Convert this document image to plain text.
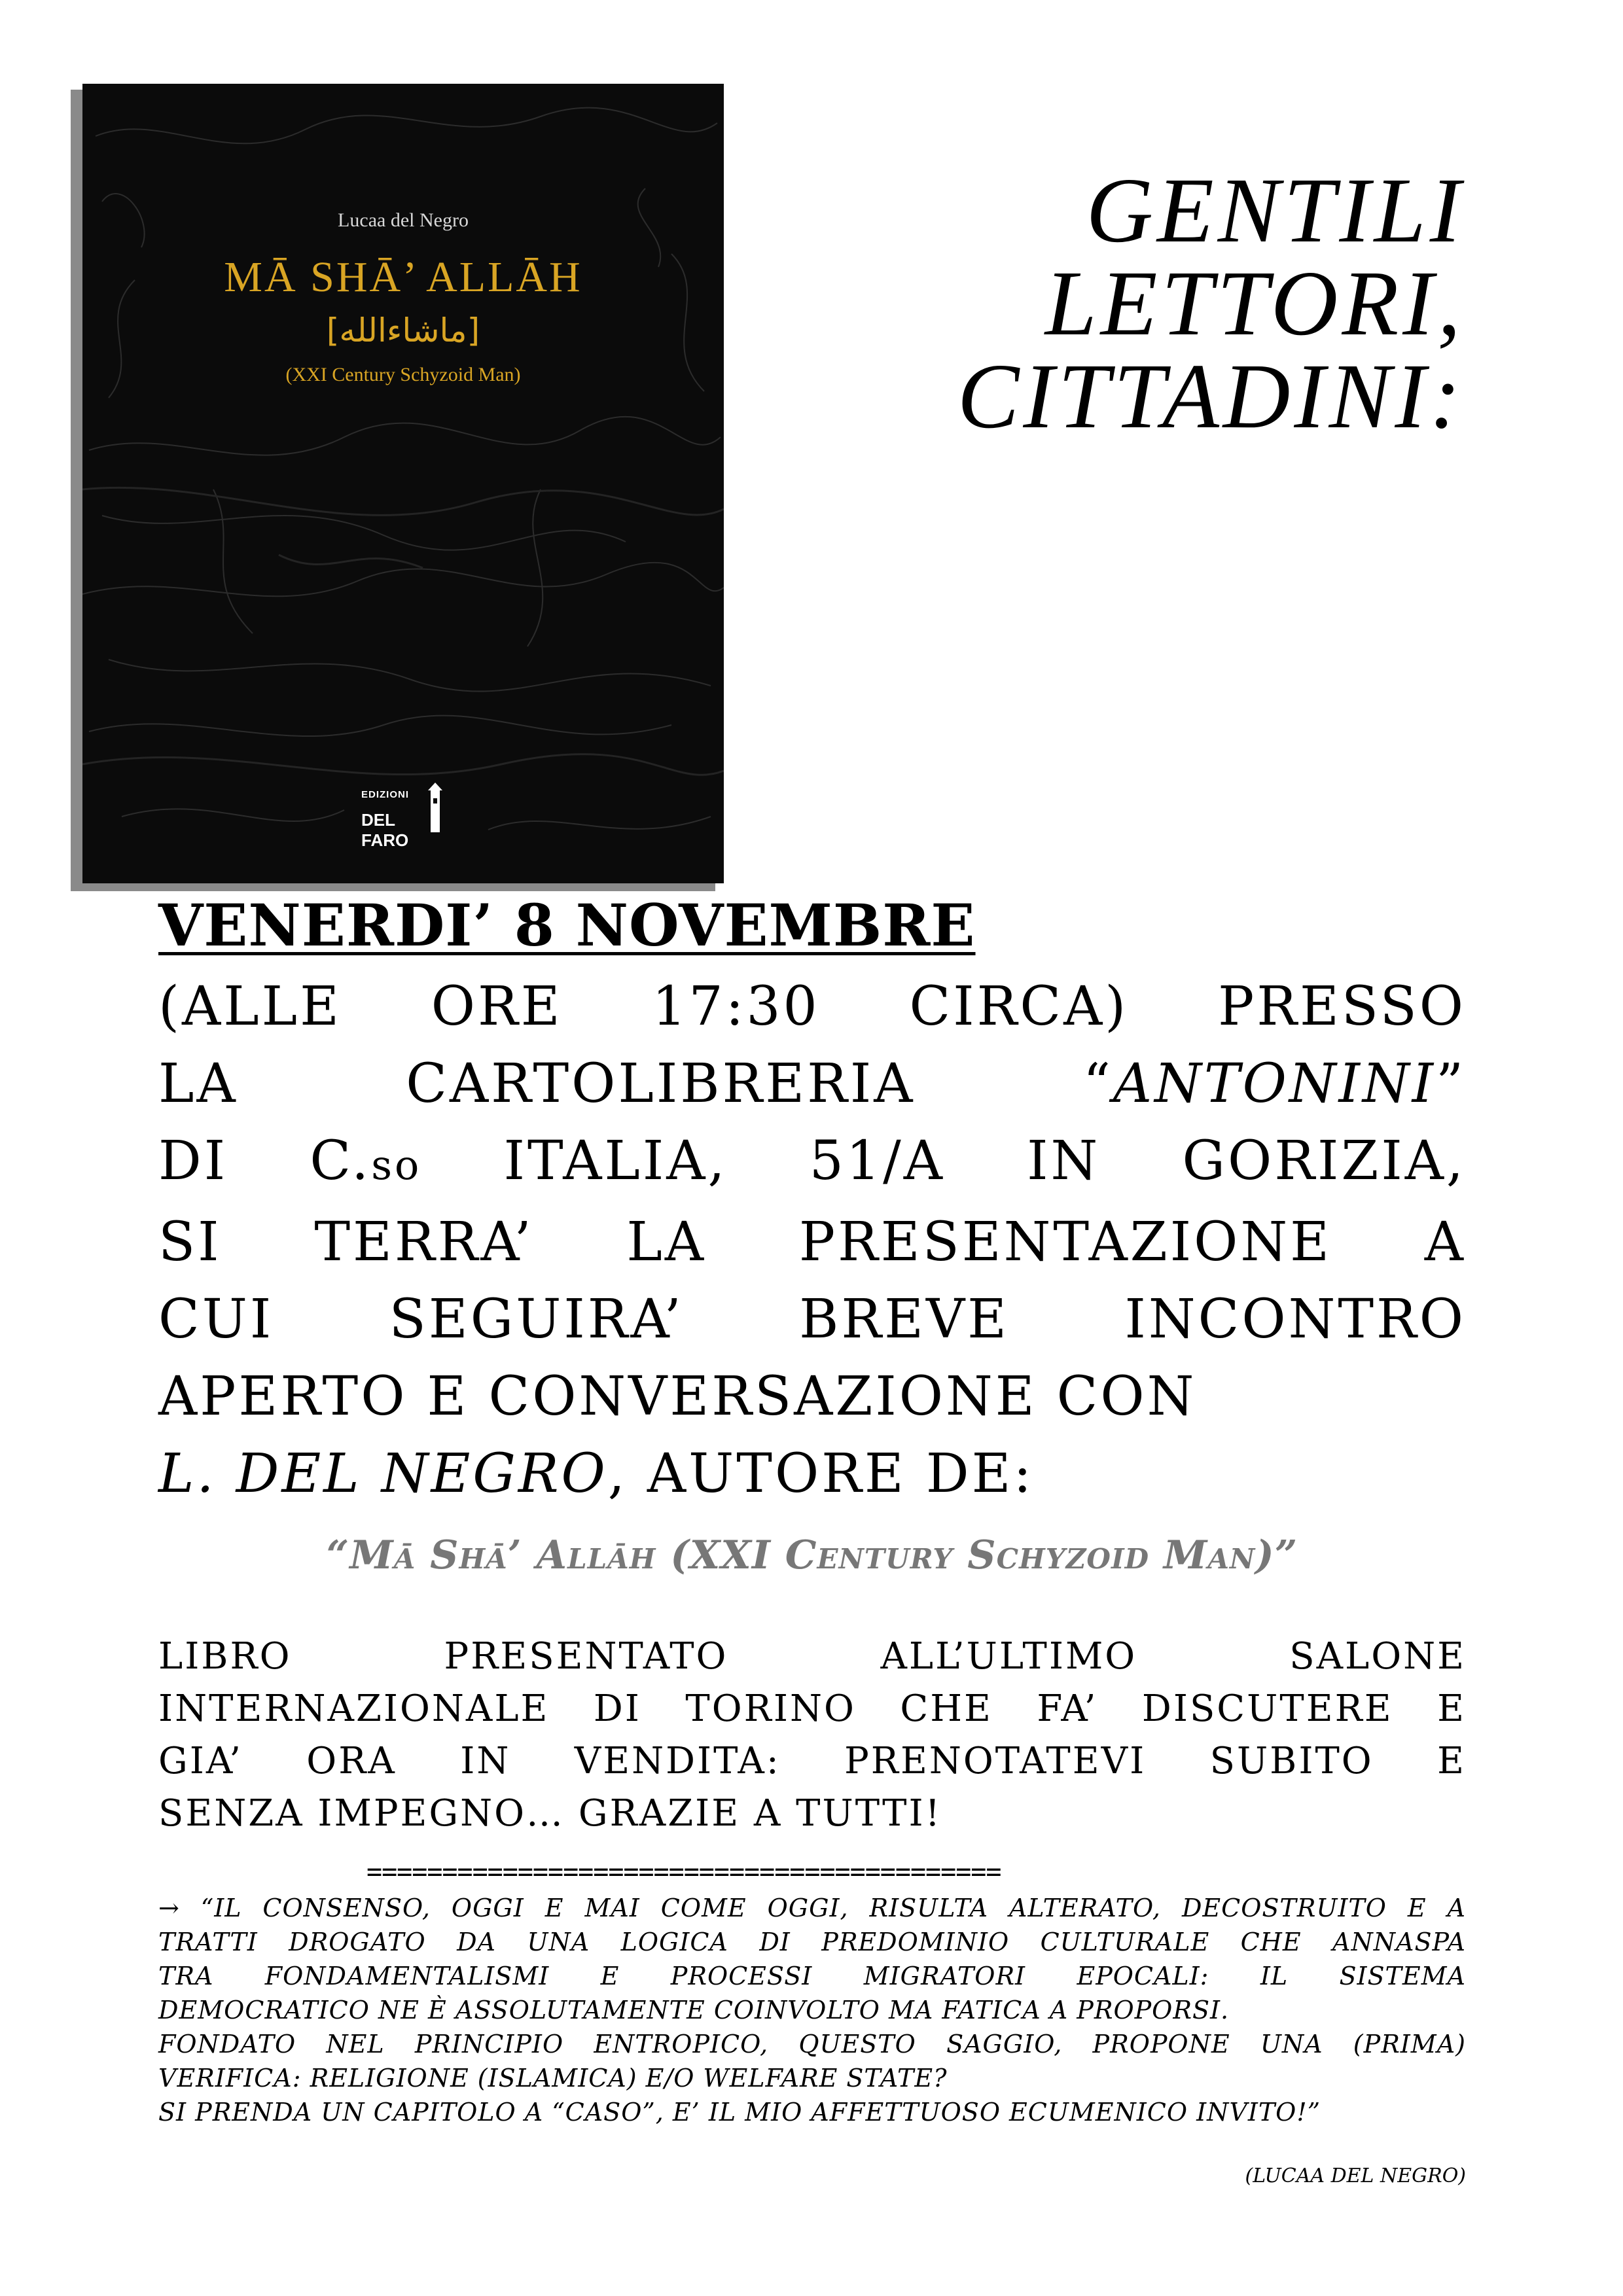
Lucaa del Negro
MĀ SHĀ’ ALLĀH
[ماشاءالله]
(XXI Century Schyzoid Man)
EDIZIONI
DEL FARO
GENTILI
LETTORI,
CITTADINI:
VENERDI’ 8 NOVEMBRE
(ALLE ORE 17:30 CIRCA) PRESSO
LA CARTOLIBRERIA “ANTONINI”
DI C.so ITALIA, 51/A IN GORIZIA,
SI TERRA’ LA PRESENTAZIONE A
CUI SEGUIRA’ BREVE INCONTRO
APERTO E CONVERSAZIONE CON
L. DEL NEGRO, AUTORE DE:
“Mā Shā’ Allāh (XXI Century Schyzoid Man)”
LIBRO PRESENTATO ALL’ULTIMO SALONE
INTERNAZIONALE DI TORINO CHE FA’ DISCUTERE E
GIA’ ORA IN VENDITA: PRENOTATEVI SUBITO E
SENZA IMPEGNO… GRAZIE A TUTTI!
==========================================
→ “IL CONSENSO, OGGI E MAI COME OGGI, RISULTA ALTERATO, DECOSTRUITO E A
TRATTI DROGATO DA UNA LOGICA DI PREDOMINIO CULTURALE CHE ANNASPA
TRA FONDAMENTALISMI E PROCESSI MIGRATORI EPOCALI: IL SISTEMA
DEMOCRATICO NE È ASSOLUTAMENTE COINVOLTO MA FATICA A PROPORSI.
FONDATO NEL PRINCIPIO ENTROPICO, QUESTO SAGGIO, PROPONE UNA (PRIMA)
VERIFICA: RELIGIONE (ISLAMICA) E/O WELFARE STATE?
SI PRENDA UN CAPITOLO A “CASO”, E’ IL MIO AFFETTUOSO ECUMENICO INVITO!”
(LUCAA DEL NEGRO)
